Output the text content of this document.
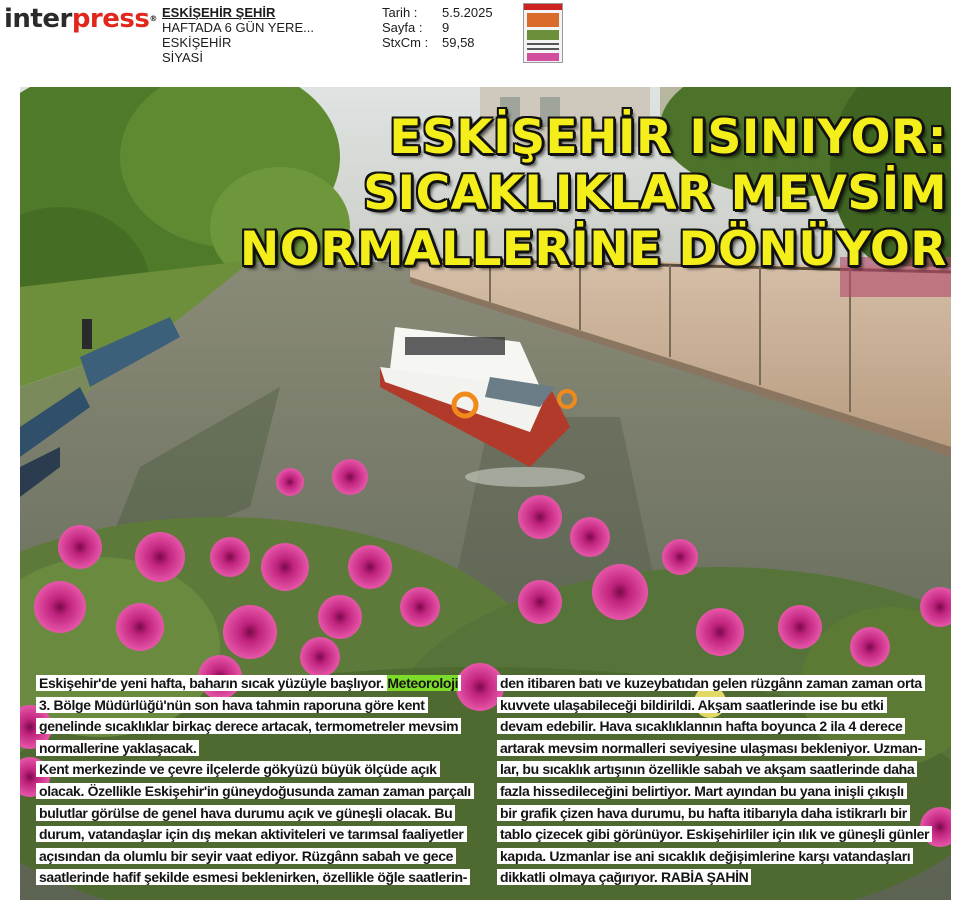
interpress® ESKİŞEHİR ŞEHİR
HAFTADA 6 GÜN YERE...
ESKİŞEHİR
SİYASİ
Tarih :	5.5.2025
Sayfa :	9
StxCm :	59,58
ESKİŞEHİR ISINIYOR:
SICAKLIKLAR MEVSİM
NORMALLERİNE DÖNÜYOR
Eskişehir'de yeni hafta, baharın sıcak yüzüyle başlıyor. Meteoroloji
3. Bölge Müdürlüğü'nün son hava tahmin raporuna göre kent
genelinde sıcaklıklar birkaç derece artacak, termometreler mevsim
normallerine yaklaşacak.
Kent merkezinde ve çevre ilçelerde gökyüzü büyük ölçüde açık
olacak. Özellikle Eskişehir'in güneydoğusunda zaman zaman parçalı
bulutlar görülse de genel hava durumu açık ve güneşli olacak. Bu
durum, vatandaşlar için dış mekan aktiviteleri ve tarımsal faaliyetler
açısından da olumlu bir seyir vaat ediyor. Rüzgânn sabah ve gece
saatlerinde hafif şekilde esmesi beklenirken, özellikle öğle saatlerin-
den itibaren batı ve kuzeybatıdan gelen rüzgânn zaman zaman orta
kuvvete ulaşabileceği bildirildi. Akşam saatlerinde ise bu etki
devam edebilir. Hava sıcaklıklannın hafta boyunca 2 ila 4 derece
artarak mevsim normalleri seviyesine ulaşması bekleniyor. Uzman-
lar, bu sıcaklık artışının özellikle sabah ve akşam saatlerinde daha
fazla hissedileceğini belirtiyor. Mart ayından bu yana inişli çıkışlı
bir grafik çizen hava durumu, bu hafta itibarıyla daha istikrarlı bir
tablo çizecek gibi görünüyor. Eskişehirliler için ılık ve güneşli günler
kapıda. Uzmanlar ise ani sıcaklık değişimlerine karşı vatandaşları
dikkatli olmaya çağırıyor. RABİA ŞAHİN
